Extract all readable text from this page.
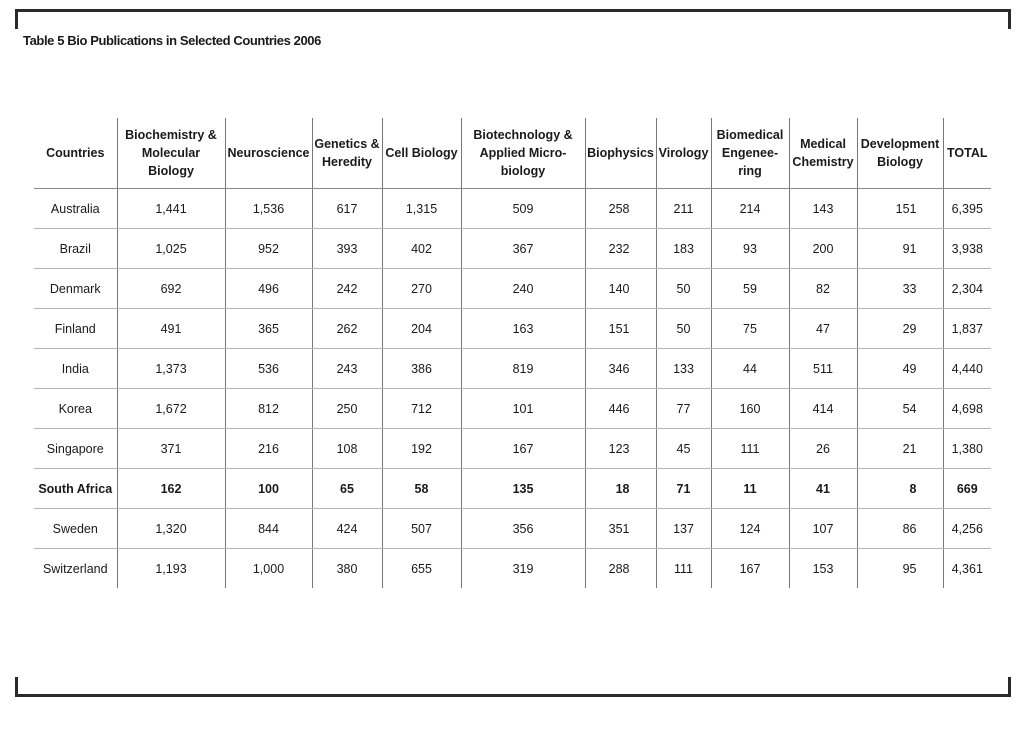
Table 5 Bio Publications in Selected Countries 2006
Countries	Biochemistry &
Molecular
Biology	Neuroscience	Genetics &
Heredity	Cell Biology	Biotechnology &
Applied Micro-
biology	Biophysics	Virology	Biomedical
Engenee-
ring	Medical
Chemistry	Development
Biology	TOTAL
Australia	1,441	1,536	617	1,315	509	258	211	214	143	151	6,395
Brazil	1,025	952	393	402	367	232	183	93	200	91	3,938
Denmark	692	496	242	270	240	140	50	59	82	33	2,304
Finland	491	365	262	204	163	151	50	75	47	29	1,837
India	1,373	536	243	386	819	346	133	44	511	49	4,440
Korea	1,672	812	250	712	101	446	77	160	414	54	4,698
Singapore	371	216	108	192	167	123	45	111	26	21	1,380
South Africa	162	100	65	58	135	18	71	11	41	8	669
Sweden	1,320	844	424	507	356	351	137	124	107	86	4,256
Switzerland	1,193	1,000	380	655	319	288	111	167	153	95	4,361
